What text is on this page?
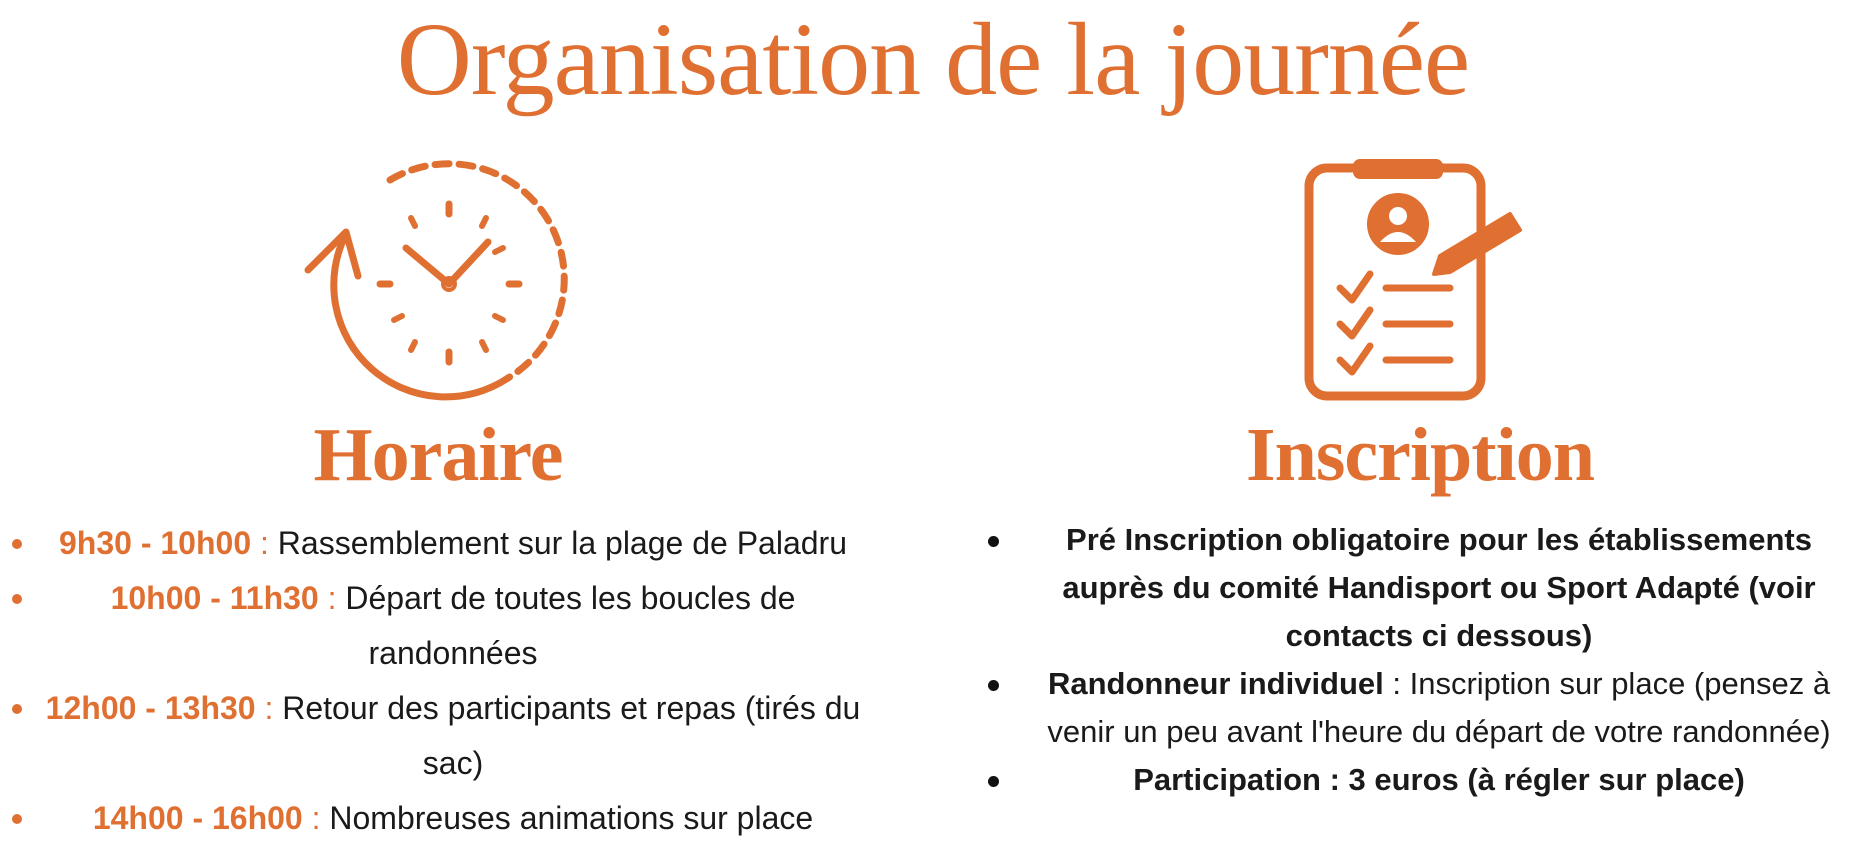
Organisation de la journée
Horaire	Inscription
9h30 - 10h00 : Rassemblement sur la plage de Paladru
10h00 - 11h30 : Départ de toutes les boucles de randonnées
12h00 - 13h30 : Retour des participants et repas (tirés du sac)
14h00 - 16h00 : Nombreuses animations sur place
Pré Inscription obligatoire pour les établissements auprès du comité Handisport ou Sport Adapté (voir contacts ci dessous)
Randonneur individuel : Inscription sur place (pensez à venir un peu avant l'heure du départ de votre randonnée)
Participation : 3 euros (à régler sur place)
